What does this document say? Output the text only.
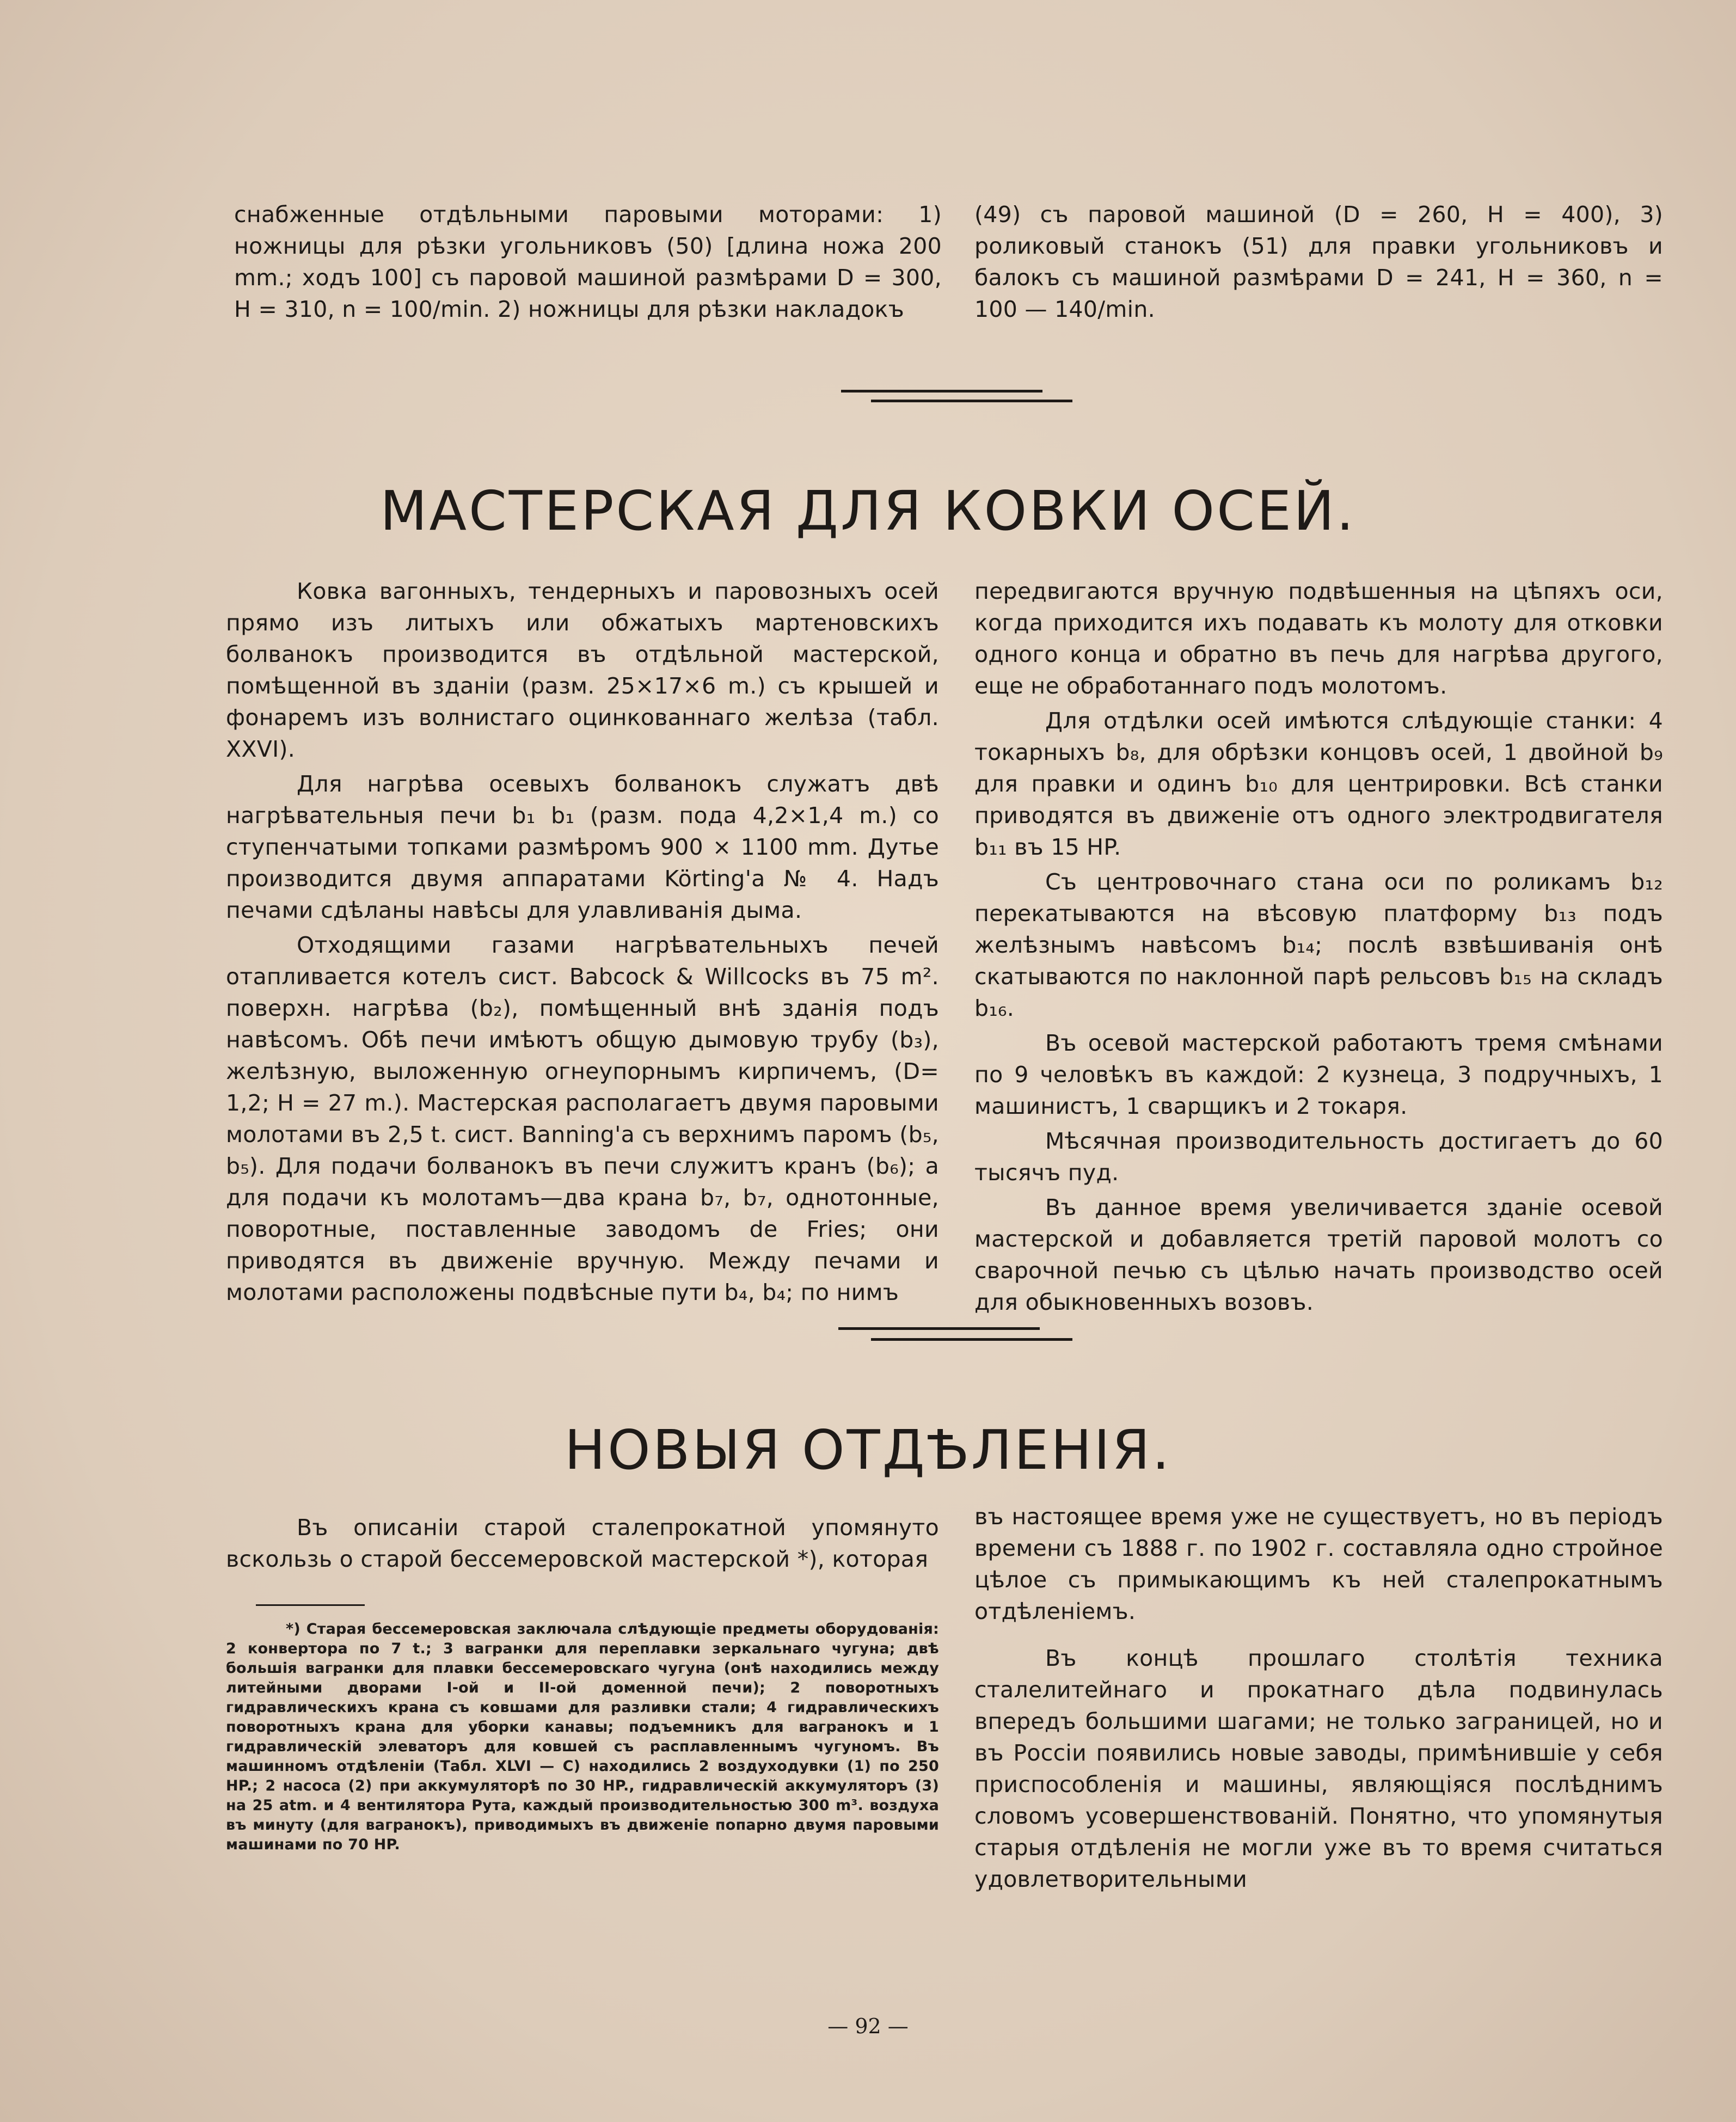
снабженные отдѣльными паровыми моторами: 1) ножницы для рѣзки угольниковъ (50) [длина ножа 200 mm.; ходъ 100] съ паровой машиной размѣрами D = 300, H = 310, n = 100/min. 2) ножницы для рѣзки накладокъ

(49) съ паровой машиной (D = 260, H = 400), 3) роликовый станокъ (51) для правки угольниковъ и балокъ съ машиной размѣрами D = 241, H = 360, n = 100 — 140/min.

МАСТЕРСКАЯ ДЛЯ КОВКИ ОСЕЙ.

Ковка вагонныхъ, тендерныхъ и паровозныхъ осей прямо изъ литыхъ или обжатыхъ мартеновскихъ болванокъ производится въ отдѣльной мастерской, помѣщенной въ зданіи (разм. 25×17×6 m.) съ крышей и фонаремъ изъ волнистаго оцинкованнаго желѣза (табл. XXVI).

Для нагрѣва осевыхъ болванокъ служатъ двѣ нагрѣвательныя печи b₁ b₁ (разм. пода 4,2×1,4 m.) со ступенчатыми топками размѣромъ 900 × 1100 mm. Дутье производится двумя аппаратами Körting'a № 4. Надъ печами сдѣланы навѣсы для улавливанія дыма.

Отходящими газами нагрѣвательныхъ печей отапливается котелъ сист. Babcock & Willcocks въ 75 m². поверхн. нагрѣва (b₂), помѣщенный внѣ зданія подъ навѣсомъ. Обѣ печи имѣютъ общую дымовую трубу (b₃), желѣзную, выложенную огнеупорнымъ кирпичемъ, (D= 1,2; H = 27 m.). Мастерская располагаетъ двумя паровыми молотами въ 2,5 t. сист. Banning'a съ верхнимъ паромъ (b₅, b₅). Для подачи болванокъ въ печи служитъ кранъ (b₆); а для подачи къ молотамъ—два крана b₇, b₇, однотонные, поворотные, поставленные заводомъ de Fries; они приводятся въ движеніе вручную. Между печами и молотами расположены подвѣсные пути b₄, b₄; по нимъ

передвигаются вручную подвѣшенныя на цѣпяхъ оси, когда приходится ихъ подавать къ молоту для отковки одного конца и обратно въ печь для нагрѣва другого, еще не обработаннаго подъ молотомъ.

Для отдѣлки осей имѣются слѣдующіе станки: 4 токарныхъ b₈, для обрѣзки концовъ осей, 1 двойной b₉ для правки и одинъ b₁₀ для центрировки. Всѣ станки приводятся въ движеніе отъ одного электродвигателя b₁₁ въ 15 HP.

Съ центровочнаго стана оси по роликамъ b₁₂ перекатываются на вѣсовую платформу b₁₃ подъ желѣзнымъ навѣсомъ b₁₄; послѣ взвѣшиванія онѣ скатываются по наклонной парѣ рельсовъ b₁₅ на складъ b₁₆.

Въ осевой мастерской работаютъ тремя смѣнами по 9 человѣкъ въ каждой: 2 кузнеца, 3 подручныхъ, 1 машинистъ, 1 сварщикъ и 2 токаря.

Мѣсячная производительность достигаетъ до 60 тысячъ пуд.

Въ данное время увеличивается зданіе осевой мастерской и добавляется третій паровой молотъ со сварочной печью съ цѣлью начать производство осей для обыкновенныхъ возовъ.

НОВЫЯ ОТДѢЛЕНІЯ.

Въ описаніи старой сталепрокатной упомянуто вскользь о старой бессемеровской мастерской *), которая

*) Старая бессемеровская заключала слѣдующіе предметы оборудованія: 2 конвертора по 7 t.; 3 вагранки для переплавки зеркальнаго чугуна; двѣ большія вагранки для плавки бессемеровскаго чугуна (онѣ находились между литейными дворами I-ой и II-ой доменной печи); 2 поворотныхъ гидравлическихъ крана съ ковшами для разливки стали; 4 гидравлическихъ поворотныхъ крана для уборки канавы; подъемникъ для вагранокъ и 1 гидравлическій элеваторъ для ковшей съ расплавленнымъ чугуномъ. Въ машинномъ отдѣленіи (Табл. XLVI — C) находились 2 воздуходувки (1) по 250 HP.; 2 насоса (2) при аккумуляторѣ по 30 HP., гидравлическій аккумуляторъ (3) на 25 atm. и 4 вентилятора Рута, каждый производительностью 300 m³. воздуха въ минуту (для вагранокъ), приводимыхъ въ движеніе попарно двумя паровыми машинами по 70 HP.

въ настоящее время уже не существуетъ, но въ періодъ времени съ 1888 г. по 1902 г. составляла одно стройное цѣлое съ примыкающимъ къ ней сталепрокатнымъ отдѣленіемъ.

Въ концѣ прошлаго столѣтія техника сталелитейнаго и прокатнаго дѣла подвинулась впередъ большими шагами; не только заграницей, но и въ Россіи появились новые заводы, примѣнившіе у себя приспособленія и машины, являющіяся послѣднимъ словомъ усовершенствованій. Понятно, что упомянутыя старыя отдѣленія не могли уже въ то время считаться удовлетворительными

— 92 —
